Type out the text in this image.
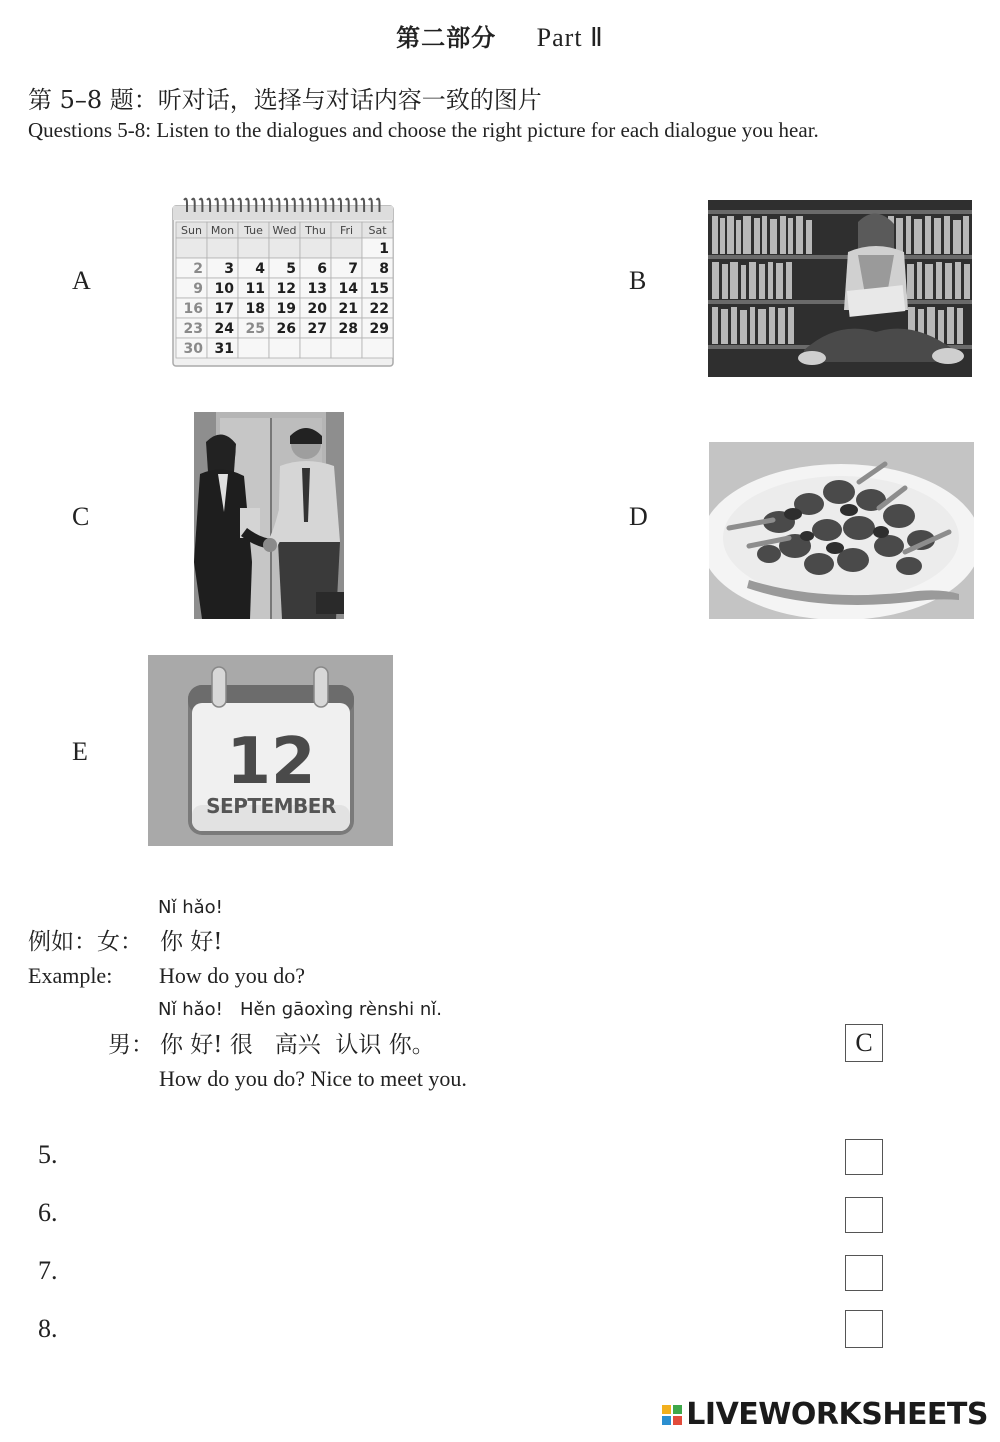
第二部分 Part Ⅱ
第 5–8 题：听对话，选择与对话内容一致的图片
Questions 5-8: Listen to the dialogues and choose the right picture for each dialogue you hear.
A	B
C	D
E
Sun Mon Tue Wed Thu Fri Sat
1
2 3 4 5 6 7 8
9 10 11 12 13 14 15
16 17 18 19 20 21 22
23 24 25 26 27 28 29
30 31
12
SEPTEMBER
Nǐ hǎo!
例如：女： 你 好!
Example: How do you do?
Nǐ hǎo!   Hěn gāoxìng rènshi nǐ.
男： 你 好! 很   高兴  认识 你。
How do you do? Nice to meet you.
C
5.
6.
7.
8.
LIVEWORKSHEETS
